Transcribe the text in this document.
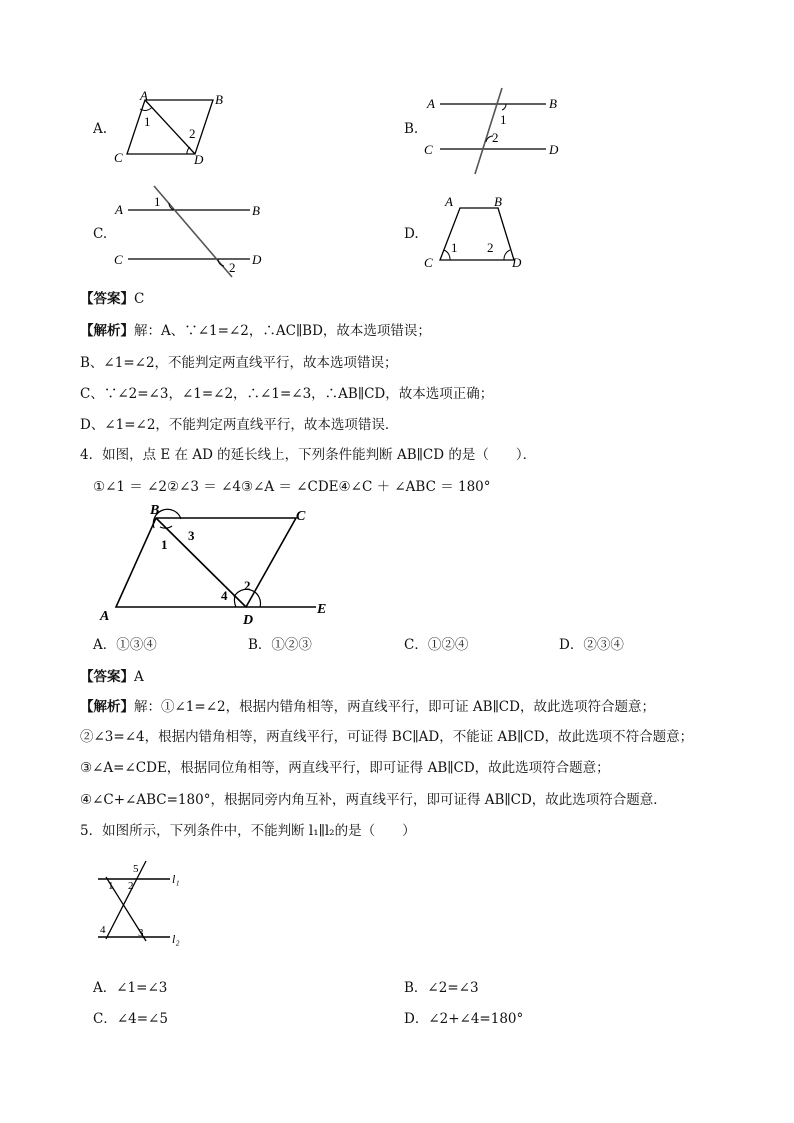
A.
A	B
C	D
1
2	B.
A	B
C	D
1
2
C.
A	B
C	D
1
2
D.
A	B
C	D
1 2
【答案】C
【解析】解：A、∵∠1=∠2，∴AC∥BD，故本选项错误；
B、∠1=∠2，不能判定两直线平行，故本选项错误；
C、∵∠2=∠3，∠1=∠2，∴∠1=∠3，∴AB∥CD，故本选项正确；
D、∠1=∠2，不能判定两直线平行，故本选项错误．
4．如图，点 E 在 AD 的延长线上，下列条件能判断 AB∥CD 的是（　　）．
①∠1 ＝ ∠2②∠3 ＝ ∠4③∠A ＝ ∠CDE④∠C ＋ ∠ABC ＝ 180°
B	C
A	D
E
1
3
4
2
A．①③④	B．①②③	C．①②④	D．②③④
【答案】A
【解析】解：①∠1=∠2，根据内错角相等，两直线平行，即可证 AB∥CD，故此选项符合题意；
②∠3=∠4，根据内错角相等，两直线平行，可证得 BC∥AD，不能证 AB∥CD，故此选项不符合题意；
③∠A=∠CDE，根据同位角相等，两直线平行，即可证得 AB∥CD，故此选项符合题意；
④∠C+∠ABC=180°，根据同旁内角互补，两直线平行，即可证得 AB∥CD，故此选项符合题意．
5．如图所示，下列条件中，不能判断 l₁∥l₂的是（　　）
5
1 2
4	3
l₁
l₂
A．∠1=∠3	B．∠2=∠3
C．∠4=∠5	D．∠2+∠4=180°
